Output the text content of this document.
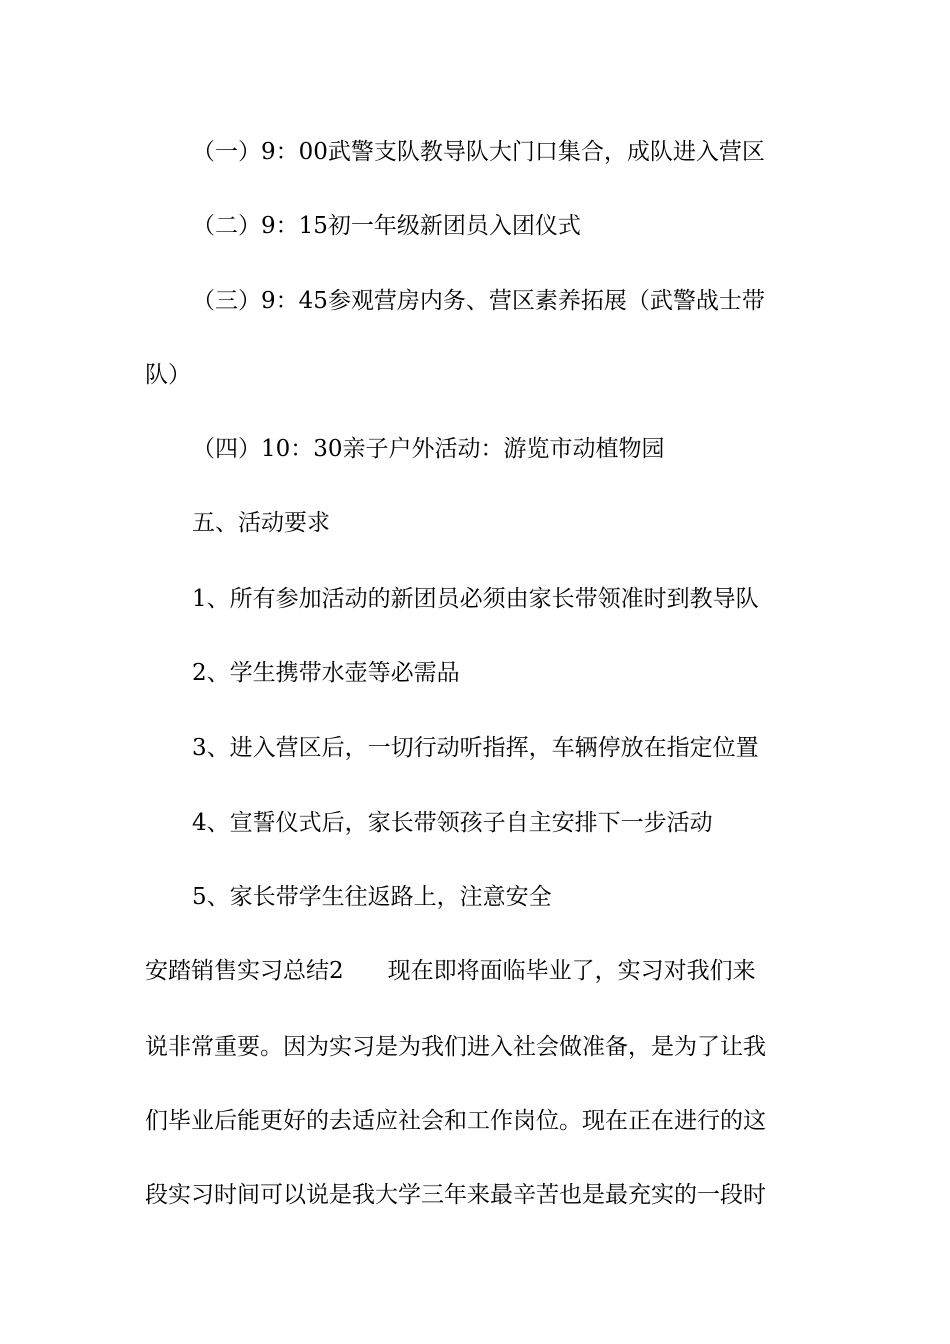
（一）9：00武警支队教导队大门口集合，成队进入营区
（二）9：15初一年级新团员入团仪式
（三）9：45参观营房内务、营区素养拓展（武警战士带
队）
（四）10：30亲子户外活动：游览市动植物园
五、活动要求
1、所有参加活动的新团员必须由家长带领准时到教导队
2、学生携带水壶等必需品
3、进入营区后，一切行动听指挥，车辆停放在指定位置
4、宣誓仪式后，家长带领孩子自主安排下一步活动
5、家长带学生往返路上，注意安全
安踏销售实习总结2 现在即将面临毕业了，实习对我们来
说非常重要。因为实习是为我们进入社会做准备，是为了让我
们毕业后能更好的去适应社会和工作岗位。现在正在进行的这
段实习时间可以说是我大学三年来最辛苦也是最充实的一段时
